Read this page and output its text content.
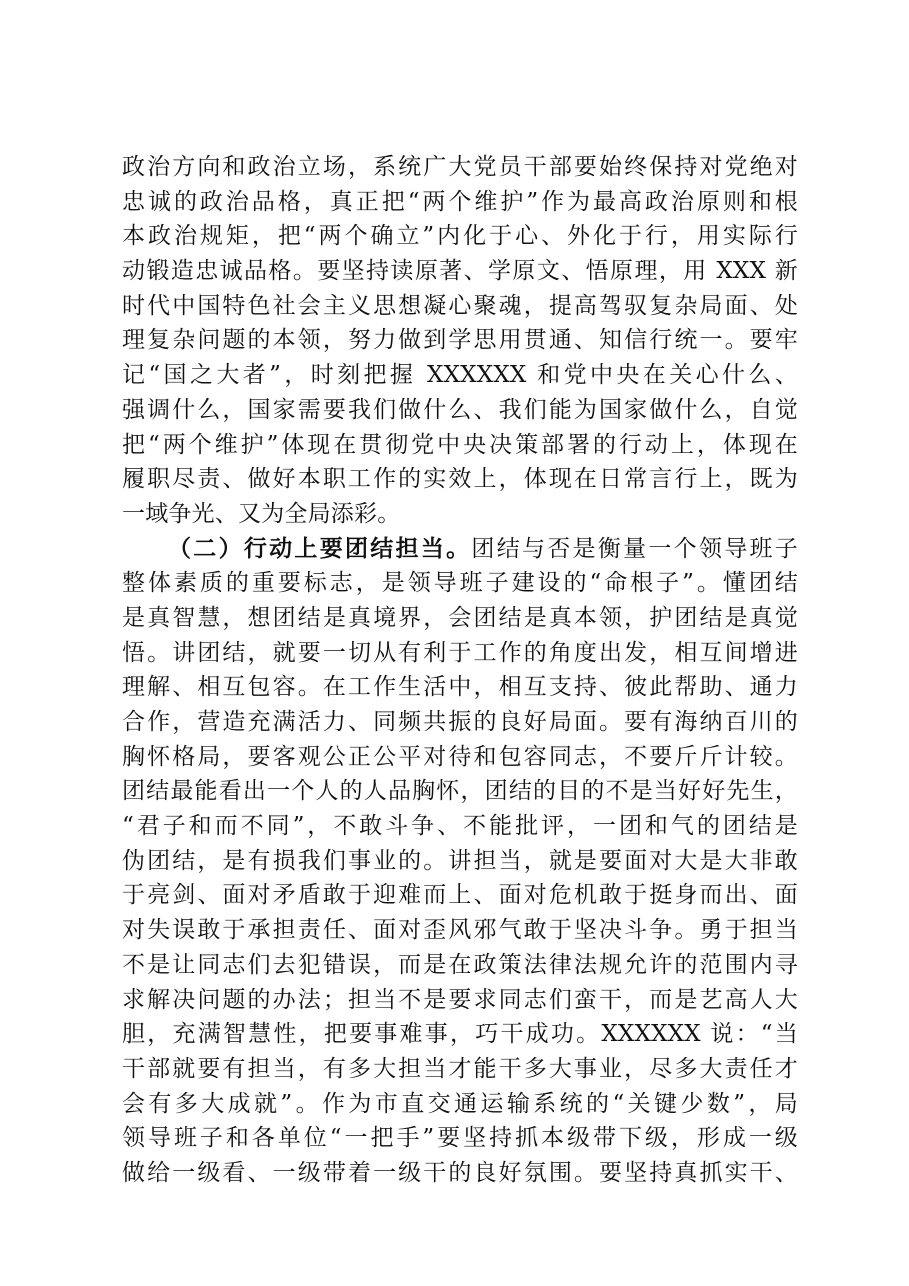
政治方向和政治立场，系统广大党员干部要始终保持对党绝对
忠诚的政治品格，真正把“两个维护”作为最高政治原则和根
本政治规矩，把“两个确立”内化于心、外化于行，用实际行
动锻造忠诚品格。要坚持读原著、学原文、悟原理，用 XXX 新
时代中国特色社会主义思想凝心聚魂，提高驾驭复杂局面、处
理复杂问题的本领，努力做到学思用贯通、知信行统一。要牢
记“国之大者”，时刻把握 XXXXXX 和党中央在关心什么、
强调什么，国家需要我们做什么、我们能为国家做什么，自觉
把“两个维护”体现在贯彻党中央决策部署的行动上，体现在
履职尽责、做好本职工作的实效上，体现在日常言行上，既为
一域争光、又为全局添彩。
（二）行动上要团结担当。团结与否是衡量一个领导班子
整体素质的重要标志，是领导班子建设的“命根子”。懂团结
是真智慧，想团结是真境界，会团结是真本领，护团结是真觉
悟。讲团结，就要一切从有利于工作的角度出发，相互间增进
理解、相互包容。在工作生活中，相互支持、彼此帮助、通力
合作，营造充满活力、同频共振的良好局面。要有海纳百川的
胸怀格局，要客观公正公平对待和包容同志，不要斤斤计较。
团结最能看出一个人的人品胸怀，团结的目的不是当好好先生，
“君子和而不同”，不敢斗争、不能批评，一团和气的团结是
伪团结，是有损我们事业的。讲担当，就是要面对大是大非敢
于亮剑、面对矛盾敢于迎难而上、面对危机敢于挺身而出、面
对失误敢于承担责任、面对歪风邪气敢于坚决斗争。勇于担当
不是让同志们去犯错误，而是在政策法律法规允许的范围内寻
求解决问题的办法；担当不是要求同志们蛮干，而是艺高人大
胆，充满智慧性，把要事难事，巧干成功。XXXXXX 说：“当
干部就要有担当，有多大担当才能干多大事业，尽多大责任才
会有多大成就”。作为市直交通运输系统的“关键少数”，局
领导班子和各单位“一把手”要坚持抓本级带下级，形成一级
做给一级看、一级带着一级干的良好氛围。要坚持真抓实干、
